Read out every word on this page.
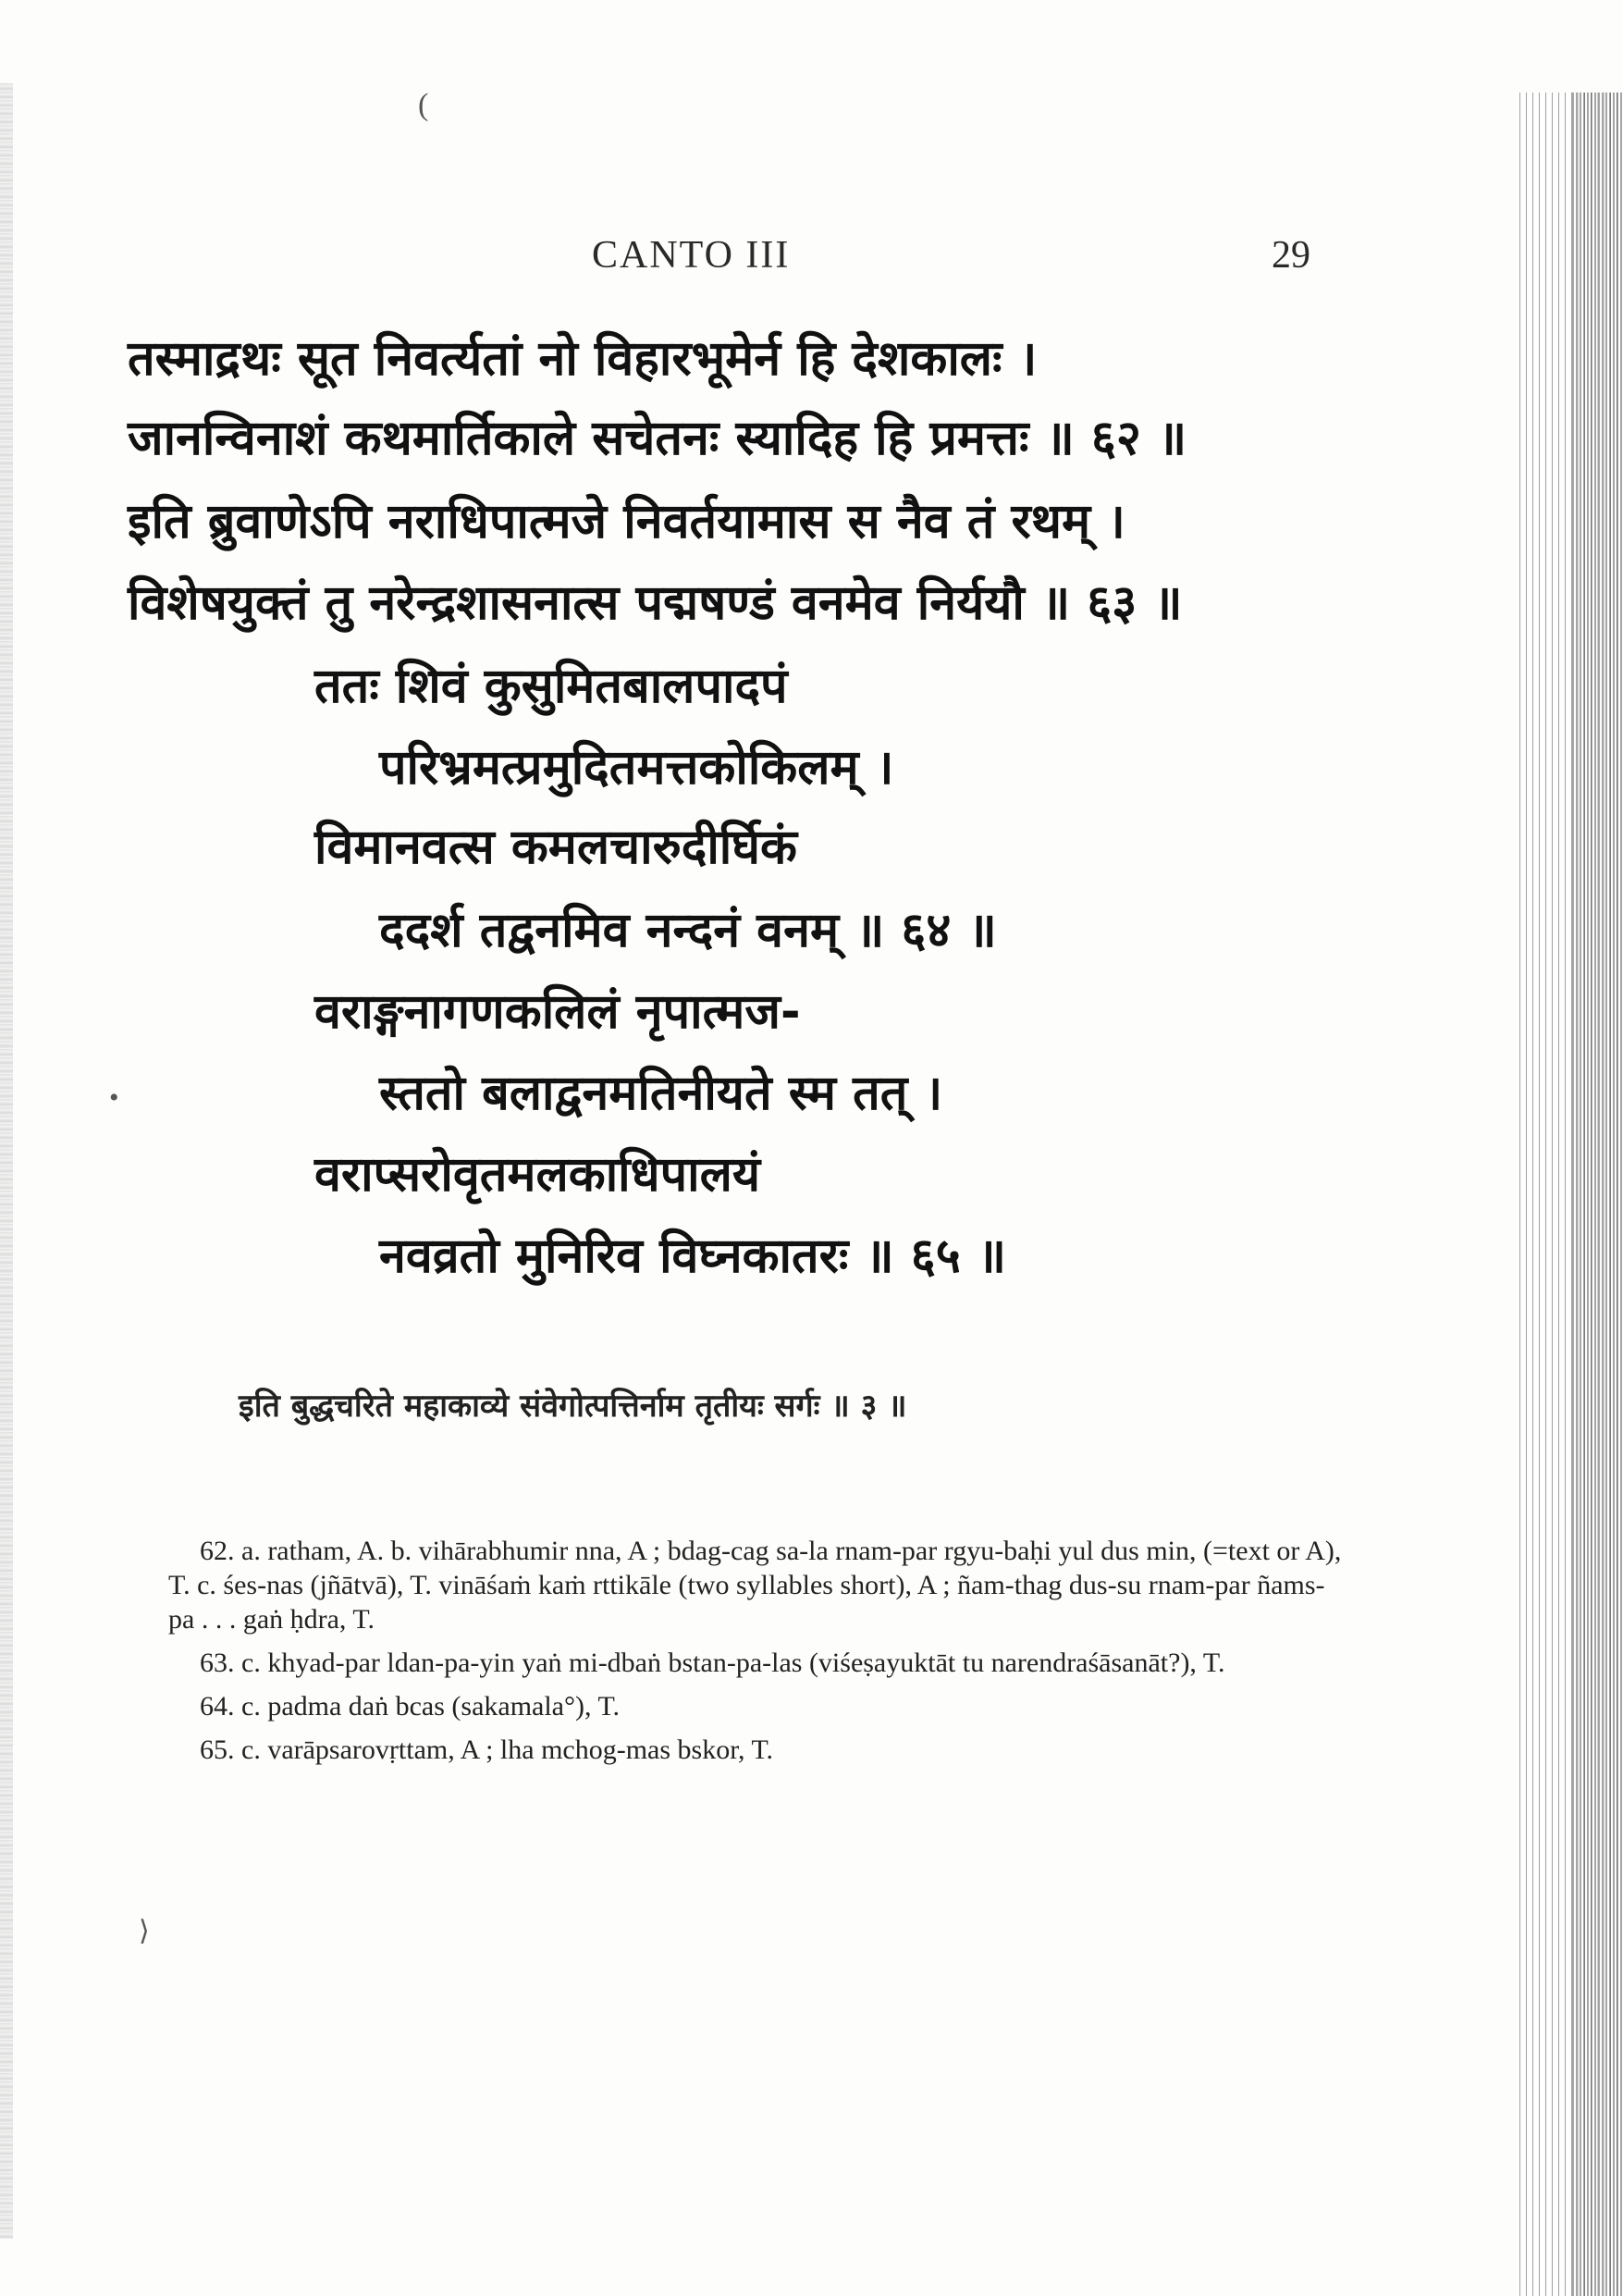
CANTO III	29
तस्माद्रथः सूत निवर्त्यतां नो विहारभूमेर्न हि देशकालः ।
जानन्विनाशं कथमार्तिकाले सचेतनः स्यादिह हि प्रमत्तः ॥ ६२ ॥
इति ब्रुवाणेऽपि नराधिपात्मजे निवर्तयामास स नैव तं रथम् ।
विशेषयुक्तं तु नरेन्द्रशासनात्स पद्मषण्डं वनमेव निर्ययौ ॥ ६३ ॥
ततः शिवं कुसुमितबालपादपं
परिभ्रमत्प्रमुदितमत्तकोकिलम् ।
विमानवत्स कमलचारुदीर्घिकं
ददर्श तद्वनमिव नन्दनं वनम् ॥ ६४ ॥
वराङ्गनागणकलिलं नृपात्मज-
स्ततो बलाद्वनमतिनीयते स्म तत् ।
वराप्सरोवृतमलकाधिपालयं
नवव्रतो मुनिरिव विघ्नकातरः ॥ ६५ ॥
इति बुद्धचरिते महाकाव्ये संवेगोत्पत्तिर्नाम तृतीयः सर्गः ॥ ३ ॥

62. a. ratham, A. b. vihārabhumir nna, A ; bdag-cag sa-la rnam-par rgyu-baḥi yul dus min, (=text or A), T. c. śes-nas (jñātvā), T. vināśaṁ kaṁ rttikāle (two syllables short), A ; ñam-thag dus-su rnam-par ñams-pa . . . gaṅ ḥdra, T.

63. c. khyad-par ldan-pa-yin yaṅ mi-dbaṅ bstan-pa-las (viśeṣayuktāt tu narendraśāsanāt?), T.

64. c. padma daṅ bcas (sakamala°), T.

65. c. varāpsarovṛttam, A ; lha mchog-mas bskor, T.

•
⟩
(
